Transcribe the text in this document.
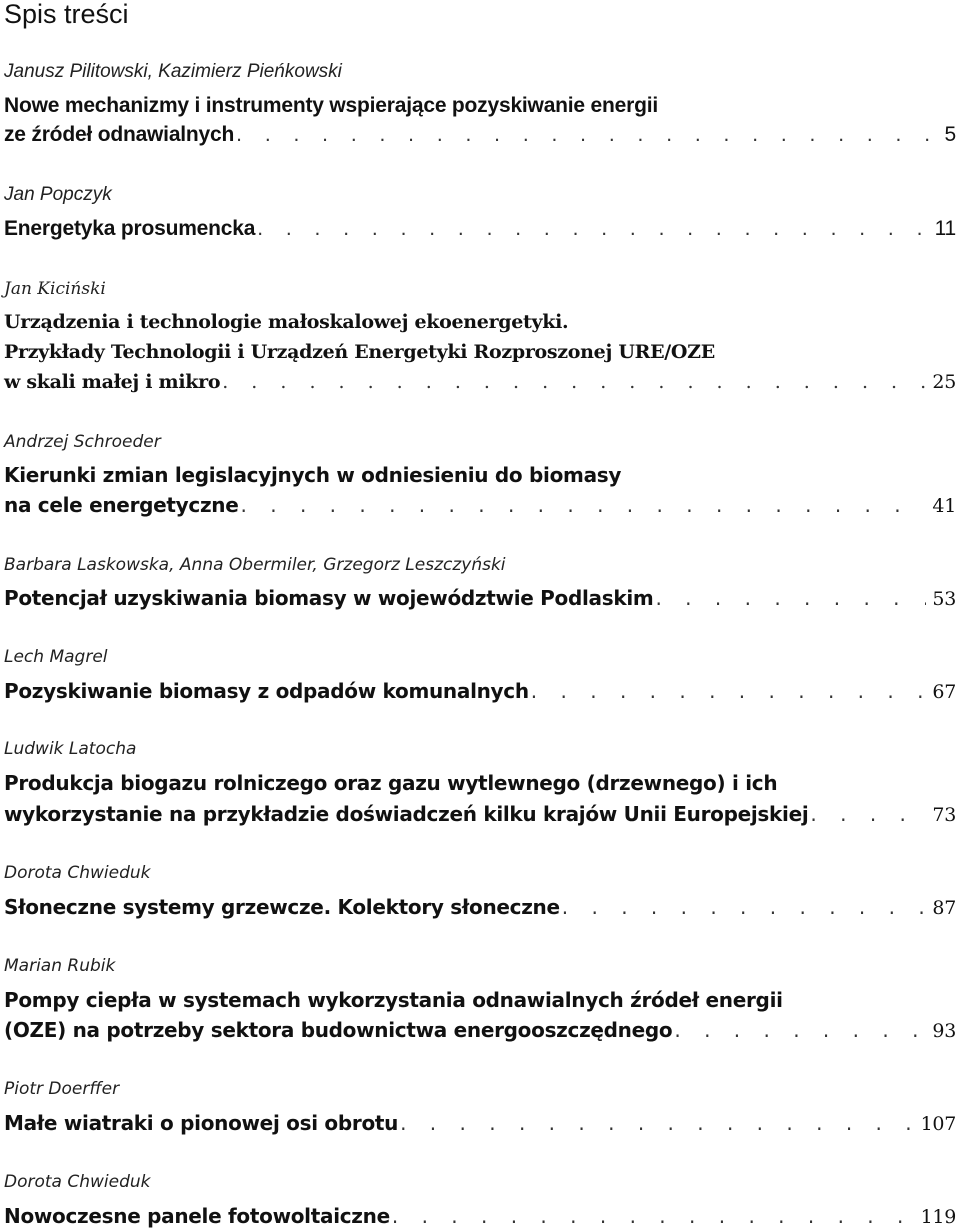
Spis treści
Janusz Pilitowski, Kazimierz Pieńkowski
Nowe mechanizmy i instrumenty wspierające pozyskiwanie energii
ze źródeł odnawialnych . . .	5
Jan Popczyk
Energetyka prosumencka . . .	11
Jan Kiciński
Urządzenia i technologie małoskalowej ekoenergetyki.
Przykłady Technologii i Urządzeń Energetyki Rozproszonej URE/OZE
w skali małej i mikro . . .	25
Andrzej Schroeder
Kierunki zmian legislacyjnych w odniesieniu do biomasy
na cele energetyczne . . .	41
Barbara Laskowska, Anna Obermiler, Grzegorz Leszczyński
Potencjał uzyskiwania biomasy w województwie Podlaskim . . .	53
Lech Magrel
Pozyskiwanie biomasy z odpadów komunalnych . . .	67
Ludwik Latocha
Produkcja biogazu rolniczego oraz gazu wytlewnego (drzewnego) i ich
wykorzystanie na przykładzie doświadczeń kilku krajów Unii Europejskiej . . .	73
Dorota Chwieduk
Słoneczne systemy grzewcze. Kolektory słoneczne . . .	87
Marian Rubik
Pompy ciepła w systemach wykorzystania odnawialnych źródeł energii
(OZE) na potrzeby sektora budownictwa energooszczędnego . . .	93
Piotr Doerffer
Małe wiatraki o pionowej osi obrotu . . .	107
Dorota Chwieduk
Nowoczesne panele fotowoltaiczne . . .	119
